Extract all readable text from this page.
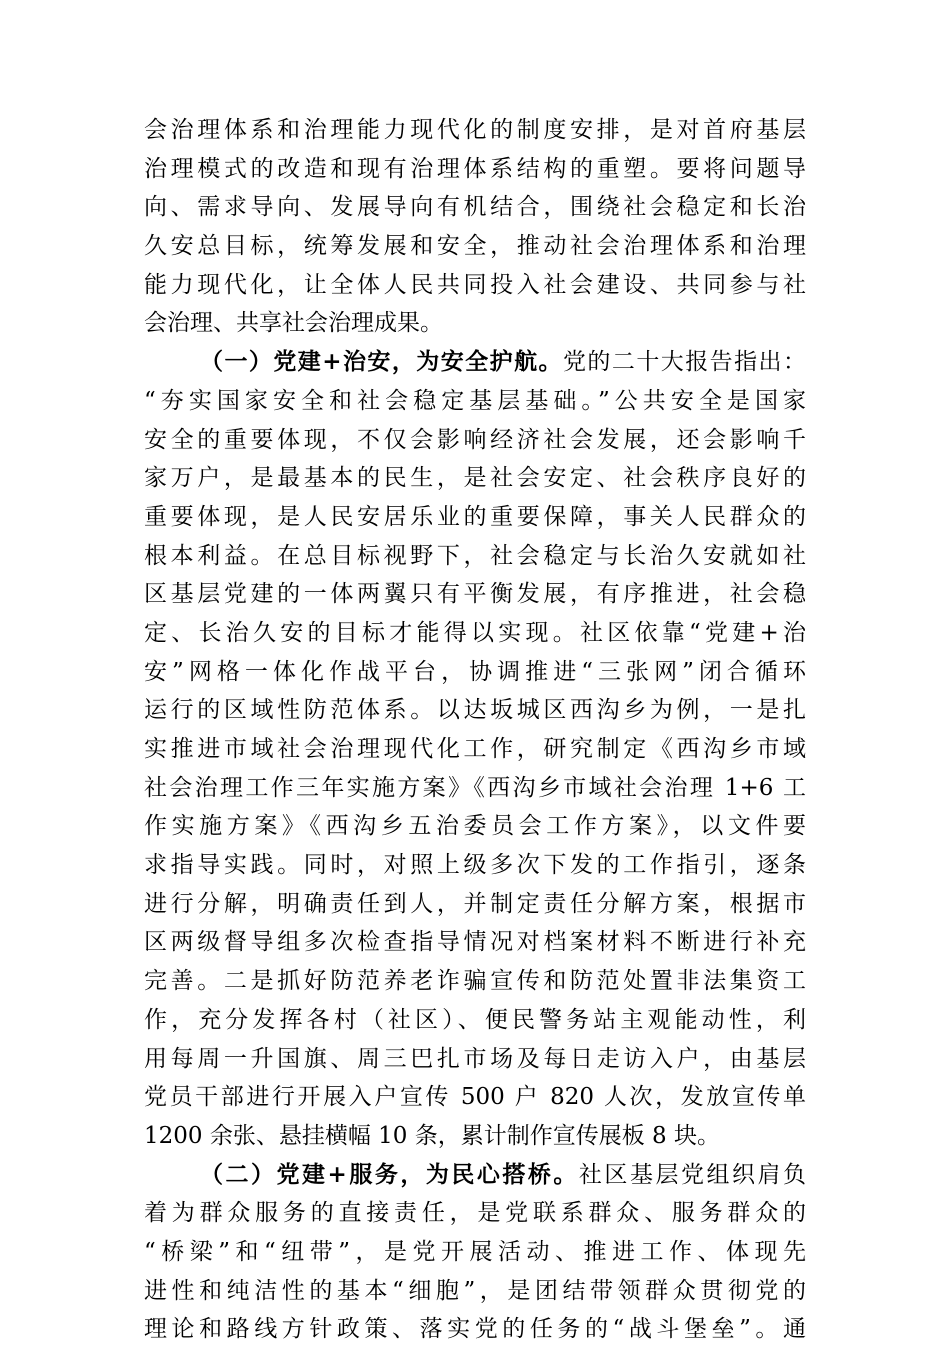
会治理体系和治理能力现代化的制度安排，是对首府基层
治理模式的改造和现有治理体系结构的重塑。要将问题导
向、需求导向、发展导向有机结合，围绕社会稳定和长治
久安总目标，统筹发展和安全，推动社会治理体系和治理
能力现代化，让全体人民共同投入社会建设、共同参与社
会治理、共享社会治理成果。
（一）党建+治安，为安全护航。党的二十大报告指出：
“夯实国家安全和社会稳定基层基础。”公共安全是国家
安全的重要体现，不仅会影响经济社会发展，还会影响千
家万户，是最基本的民生，是社会安定、社会秩序良好的
重要体现，是人民安居乐业的重要保障，事关人民群众的
根本利益。在总目标视野下，社会稳定与长治久安就如社
区基层党建的一体两翼只有平衡发展，有序推进，社会稳
定、长治久安的目标才能得以实现。社区依靠“党建+治
安”网格一体化作战平台，协调推进“三张网”闭合循环
运行的区域性防范体系。以达坂城区西沟乡为例，一是扎
实推进市域社会治理现代化工作，研究制定《西沟乡市域
社会治理工作三年实施方案》《西沟乡市域社会治理 1+6 工
作实施方案》《西沟乡五治委员会工作方案》，以文件要
求指导实践。同时，对照上级多次下发的工作指引，逐条
进行分解，明确责任到人，并制定责任分解方案，根据市
区两级督导组多次检查指导情况对档案材料不断进行补充
完善。二是抓好防范养老诈骗宣传和防范处置非法集资工
作，充分发挥各村（社区）、便民警务站主观能动性，利
用每周一升国旗、周三巴扎市场及每日走访入户，由基层
党员干部进行开展入户宣传 500 户 820 人次，发放宣传单
1200 余张、悬挂横幅 10 条，累计制作宣传展板 8 块。
（二）党建+服务，为民心搭桥。社区基层党组织肩负
着为群众服务的直接责任，是党联系群众、服务群众的
“桥梁”和“纽带”，是党开展活动、推进工作、体现先
进性和纯洁性的基本“细胞”，是团结带领群众贯彻党的
理论和路线方针政策、落实党的任务的“战斗堡垒”。通
